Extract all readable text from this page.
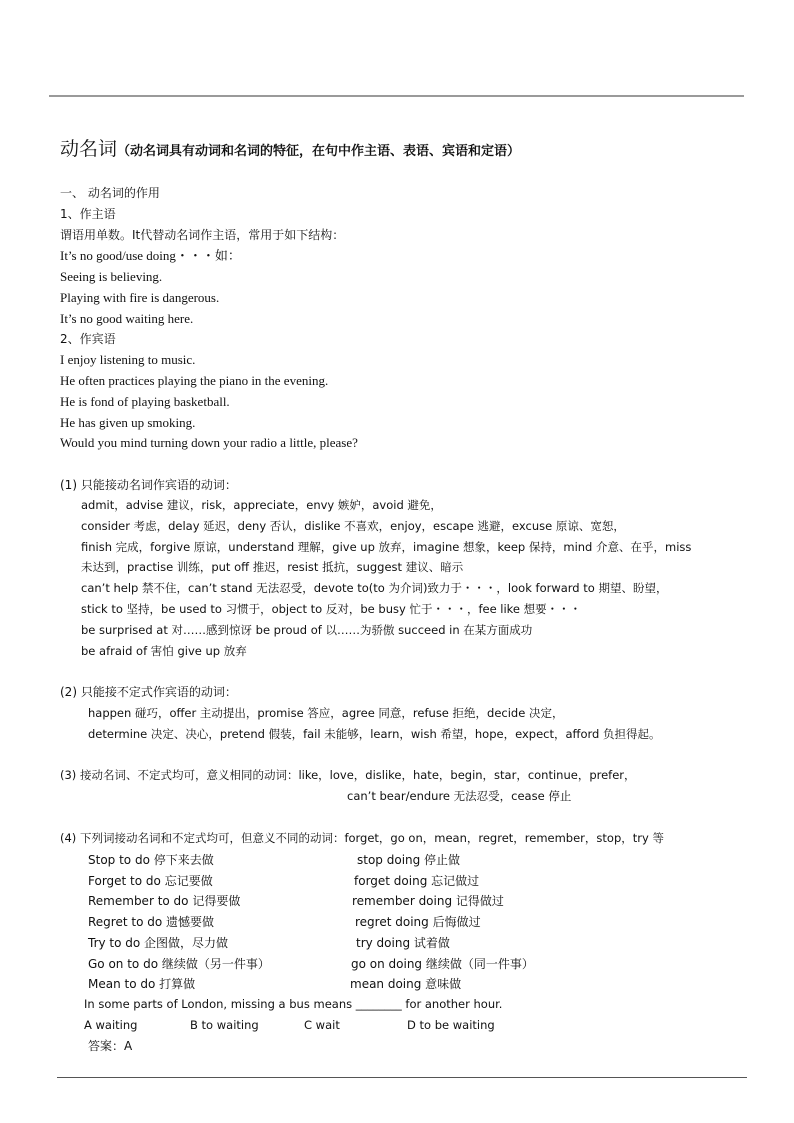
动名词（动名词具有动词和名词的特征，在句中作主语、表语、宾语和定语）
一、 动名词的作用
1、作主语
谓语用单数。It代替动名词作主语，常用于如下结构：
It’s no good/use doing・・・如：
Seeing is believing.
Playing with fire is dangerous.
It’s no good waiting here.
2、作宾语
I enjoy listening to music.
He often practices playing the piano in the evening.
He is fond of playing basketball.
He has given up smoking.
Would you mind turning down your radio a little, please?
(1) 只能接动名词作宾语的动词：
admit，advise 建议，risk，appreciate，envy 嫉妒，avoid 避免，
consider 考虑，delay 延迟，deny 否认，dislike 不喜欢，enjoy，escape 逃避，excuse 原谅、宽恕，
finish 完成，forgive 原谅，understand 理解，give up 放弃，imagine 想象，keep 保持，mind 介意、在乎，miss
未达到，practise 训练，put off 推迟，resist 抵抗，suggest 建议、暗示
can’t help 禁不住，can’t stand 无法忍受，devote to(to 为介词)致力于・・・，look forward to 期望、盼望，
stick to 坚持，be used to 习惯于，object to 反对，be busy 忙于・・・，fee like 想要・・・
be surprised at 对……感到惊讶 be proud of 以……为骄傲 succeed in 在某方面成功
be afraid of 害怕 give up 放弃
(2) 只能接不定式作宾语的动词：
happen 碰巧，offer 主动提出，promise 答应，agree 同意，refuse 拒绝，decide 决定，
determine 决定、决心，pretend 假装，fail 未能够，learn，wish 希望，hope，expect，afford 负担得起。
(3) 接动名词、不定式均可，意义相同的动词：like，love，dislike，hate，begin，star，continue，prefer，
can’t bear/endure 无法忍受，cease 停止
(4) 下列词接动名词和不定式均可，但意义不同的动词：forget，go on，mean，regret，remember，stop，try 等
Stop to do 停下来去做	stop doing 停止做
Forget to do 忘记要做	forget doing 忘记做过
Remember to do 记得要做	remember doing 记得做过
Regret to do 遗憾要做	regret doing 后悔做过
Try to do 企图做，尽力做	try doing 试着做
Go on to do 继续做（另一件事）	go on doing 继续做（同一件事）
Mean to do 打算做	mean doing 意味做
In some parts of London, missing a bus means ________ for another hour.
A waiting	B to waiting	C wait	D to be waiting
答案：A
